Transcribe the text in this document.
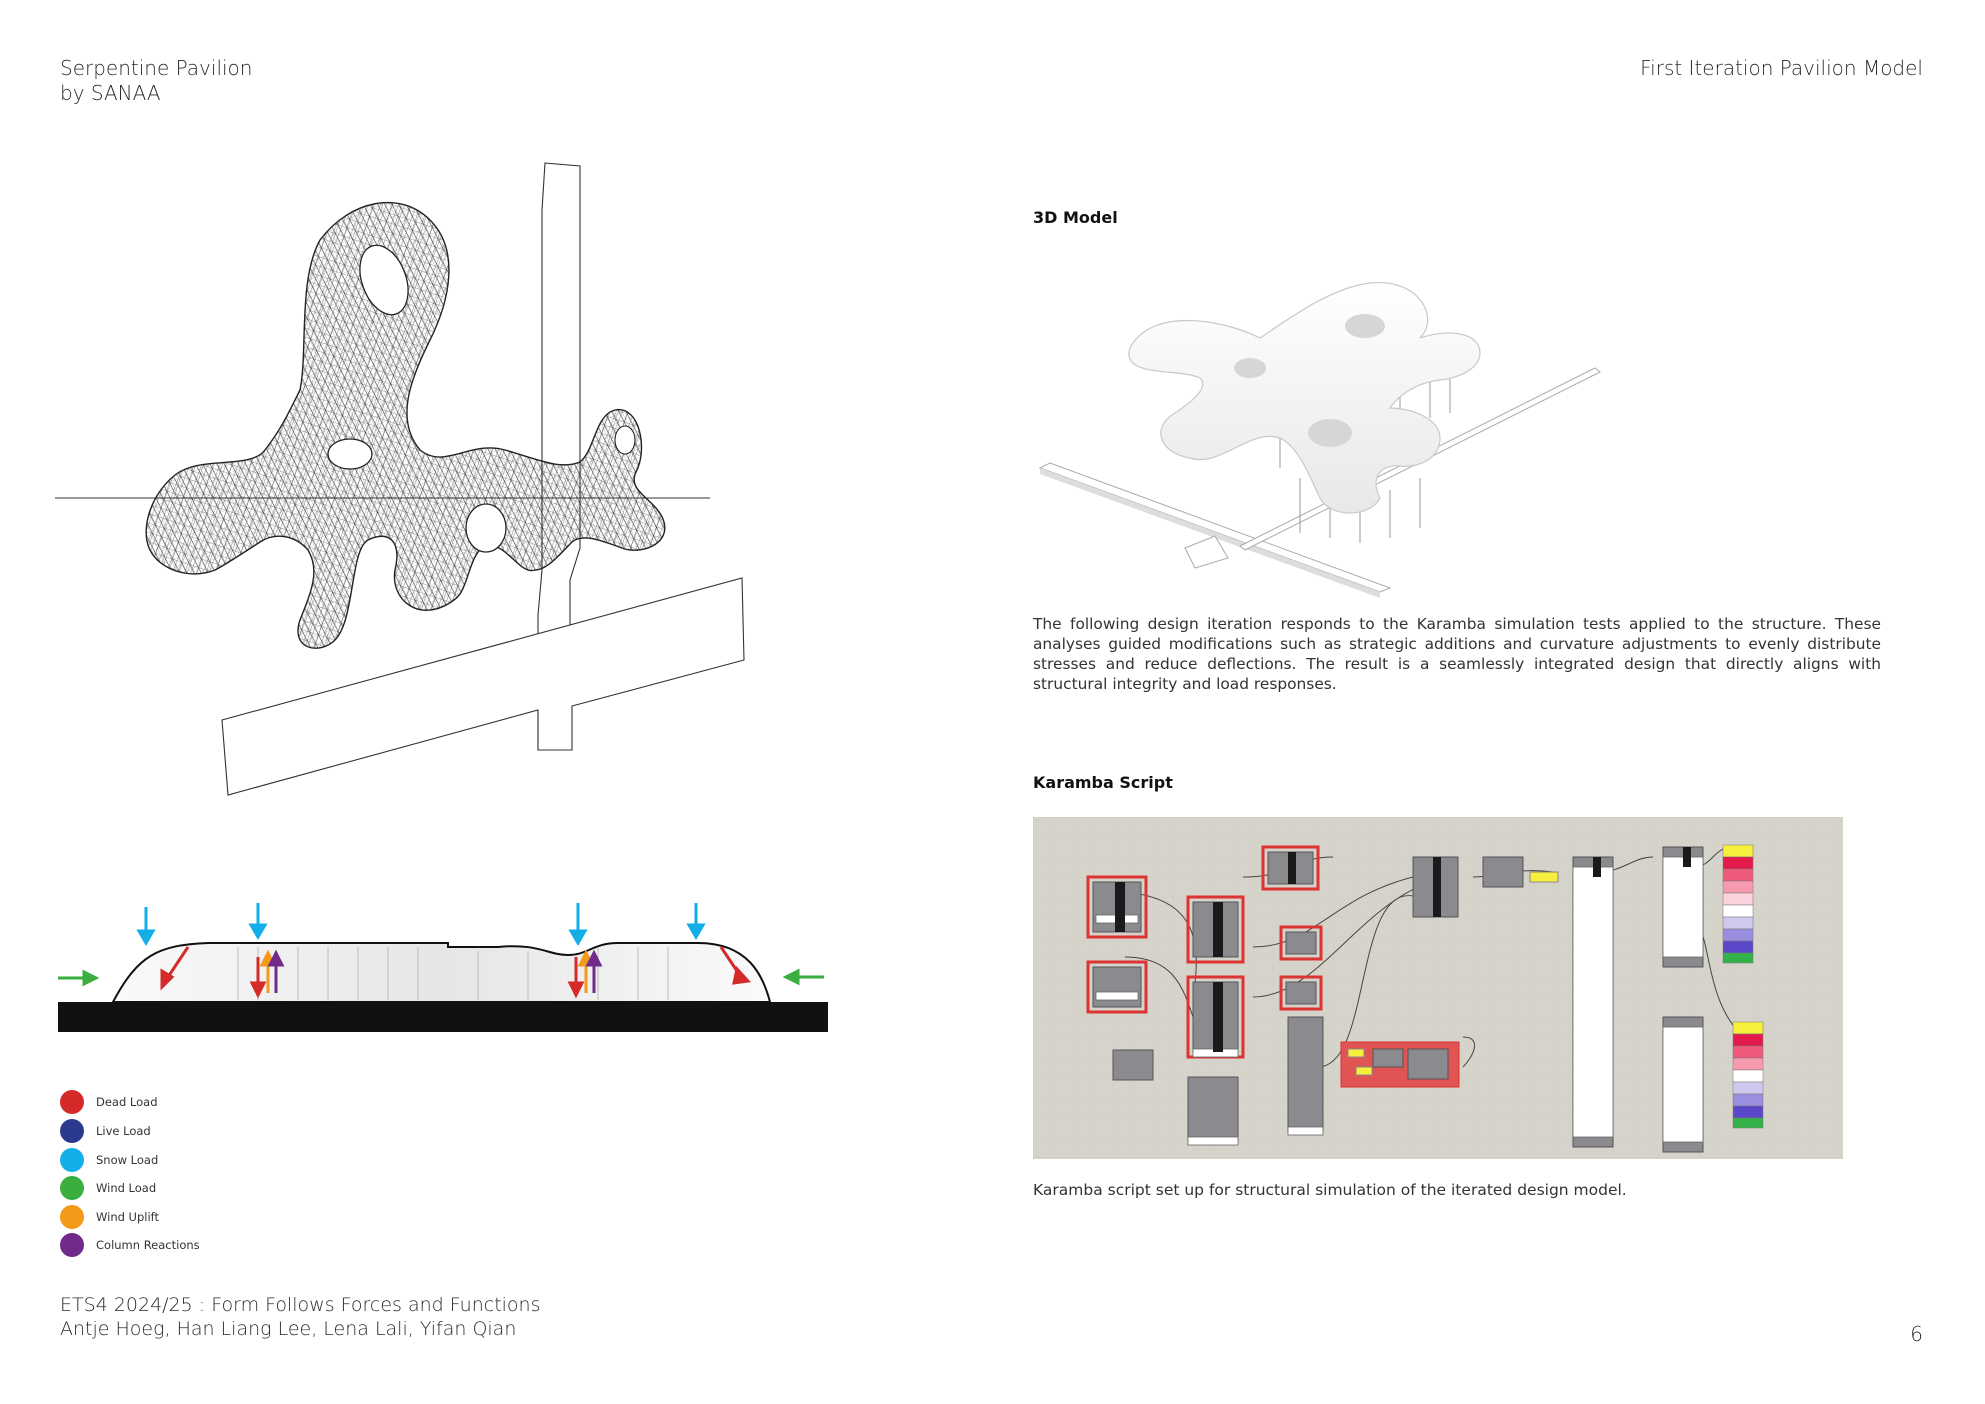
Serpentine Pavilion
by SANAA
First Iteration Pavilion Model
Dead Load
Live Load
Snow Load
Wind Load
Wind Uplift
Column Reactions
3D Model
The following design iteration responds to the Karamba simulation tests applied to the structure. These analyses guided modifications such as strategic additions and curvature adjustments to evenly distribute stresses and reduce deflections. The result is a seamlessly integrated design that directly aligns with structural integrity and load responses.
Karamba Script
Karamba script set up for structural simulation of the iterated design model.
ETS4 2024/25 : Form Follows Forces and Functions
Antje Hoeg, Han Liang Lee, Lena Lali, Yifan Qian	6
